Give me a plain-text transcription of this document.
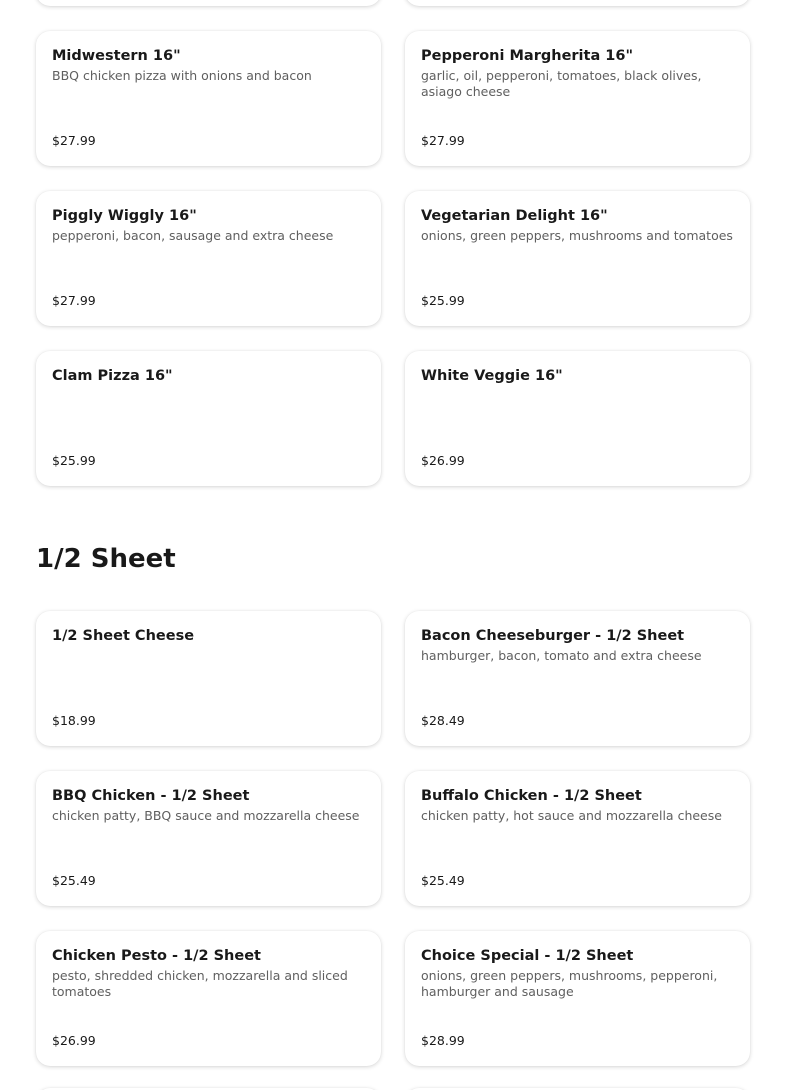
Midwestern 16"
BBQ chicken pizza with onions and bacon
$27.99
Pepperoni Margherita 16"
garlic, oil, pepperoni, tomatoes, black olives, asiago cheese
$27.99
Piggly Wiggly 16"
pepperoni, bacon, sausage and extra cheese
$27.99
Vegetarian Delight 16"
onions, green peppers, mushrooms and tomatoes
$25.99
Clam Pizza 16"
$25.99
White Veggie 16"
$26.99
1/2 Sheet
1/2 Sheet Cheese
$18.99
Bacon Cheeseburger - 1/2 Sheet
hamburger, bacon, tomato and extra cheese
$28.49
BBQ Chicken - 1/2 Sheet
chicken patty, BBQ sauce and mozzarella cheese
$25.49
Buffalo Chicken - 1/2 Sheet
chicken patty, hot sauce and mozzarella cheese
$25.49
Chicken Pesto - 1/2 Sheet
pesto, shredded chicken, mozzarella and sliced tomatoes
$26.99
Choice Special - 1/2 Sheet
onions, green peppers, mushrooms, pepperoni, hamburger and sausage
$28.99
